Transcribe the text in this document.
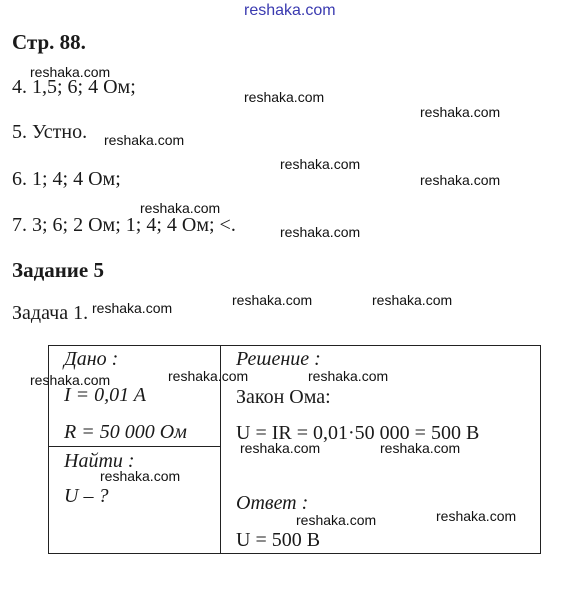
reshaka.com
Стр. 88.
4. 1,5; 6; 4 Ом;
5. Устно.
6. 1; 4; 4 Ом;
7. 3; 6; 2 Ом; 1; 4; 4 Ом; <.
Задание 5
Задача 1.
Дано :
I = 0,01 A
R = 50 000 Ом
Найти :
U – ?
Решение :
Закон Ома:
U = IR = 0,01·50 000 = 500 В
Ответ :
U = 500 В
reshaka.com
reshaka.com
reshaka.com
reshaka.com
reshaka.com
reshaka.com
reshaka.com
reshaka.com
reshaka.com	reshaka.com
reshaka.com
reshaka.com	reshaka.com
reshaka.com
reshaka.com	reshaka.com
reshaka.com
reshaka.com
reshaka.com
